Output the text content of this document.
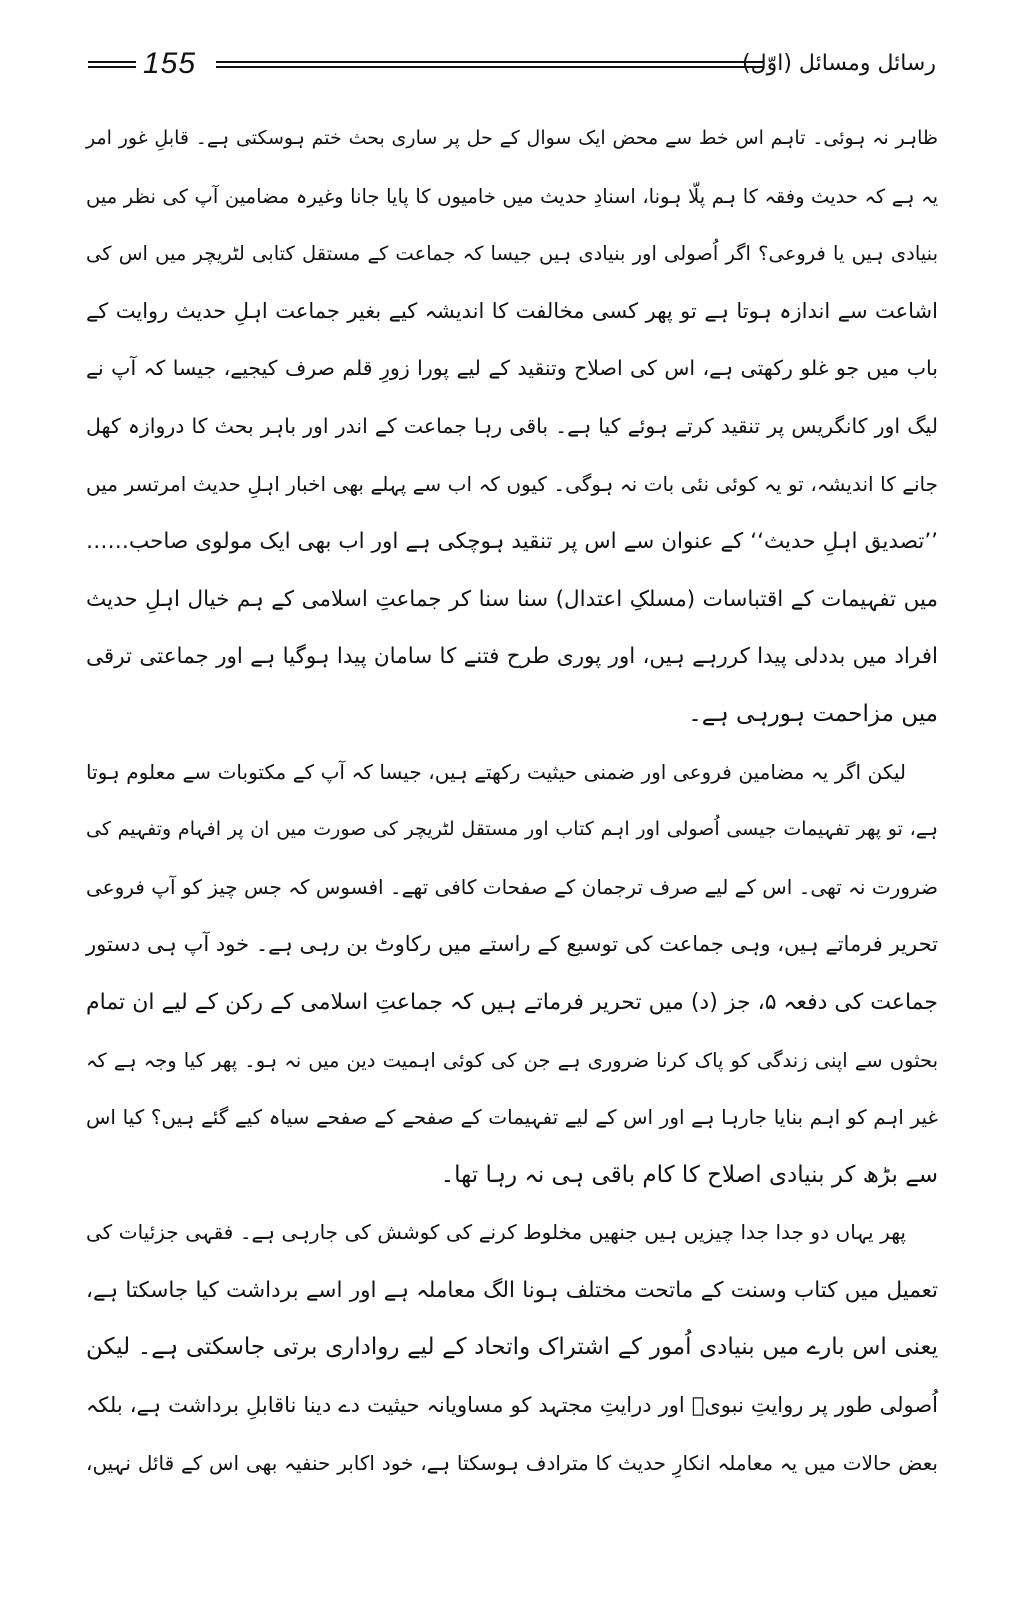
155	رسائل ومسائل (اوّل)
ظاہر نہ ہوئی۔ تاہم اس خط سے محض ایک سوال کے حل پر ساری بحث ختم ہوسکتی ہے۔ قابلِ غور امر
یہ ہے کہ حدیث وفقہ کا ہم پلّا ہونا، اسنادِ حدیث میں خامیوں کا پایا جانا وغیرہ مضامین آپ کی نظر میں
بنیادی ہیں یا فروعی؟ اگر اُصولی اور بنیادی ہیں جیسا کہ جماعت کے مستقل کتابی لٹریچر میں اس کی
اشاعت سے اندازہ ہوتا ہے تو پھر کسی مخالفت کا اندیشہ کیے بغیر جماعت اہلِ حدیث روایت کے
باب میں جو غلو رکھتی ہے، اس کی اصلاح وتنقید کے لیے پورا زورِ قلم صرف کیجیے، جیسا کہ آپ نے
لیگ اور کانگریس پر تنقید کرتے ہوئے کیا ہے۔ باقی رہا جماعت کے اندر اور باہر بحث کا دروازہ کھل
جانے کا اندیشہ، تو یہ کوئی نئی بات نہ ہوگی۔ کیوں کہ اب سے پہلے بھی اخبار اہلِ حدیث امرتسر میں
’’تصدیق اہلِ حدیث‘‘ کے عنوان سے اس پر تنقید ہوچکی ہے اور اب بھی ایک مولوی صاحب……
میں تفہیمات کے اقتباسات (مسلکِ اعتدال) سنا سنا کر جماعتِ اسلامی کے ہم خیال اہلِ حدیث
افراد میں بددلی پیدا کررہے ہیں، اور پوری طرح فتنے کا سامان پیدا ہوگیا ہے اور جماعتی ترقی
میں مزاحمت ہورہی ہے۔
لیکن اگر یہ مضامین فروعی اور ضمنی حیثیت رکھتے ہیں، جیسا کہ آپ کے مکتوبات سے معلوم ہوتا
ہے، تو پھر تفہیمات جیسی اُصولی اور اہم کتاب اور مستقل لٹریچر کی صورت میں ان پر افہام وتفہیم کی
ضرورت نہ تھی۔ اس کے لیے صرف ترجمان کے صفحات کافی تھے۔ افسوس کہ جس چیز کو آپ فروعی
تحریر فرماتے ہیں، وہی جماعت کی توسیع کے راستے میں رکاوٹ بن رہی ہے۔ خود آپ ہی دستور
جماعت کی دفعہ ۵، جز (د) میں تحریر فرماتے ہیں کہ جماعتِ اسلامی کے رکن کے لیے ان تمام
بحثوں سے اپنی زندگی کو پاک کرنا ضروری ہے جن کی کوئی اہمیت دین میں نہ ہو۔ پھر کیا وجہ ہے کہ
غیر اہم کو اہم بنایا جارہا ہے اور اس کے لیے تفہیمات کے صفحے کے صفحے سیاہ کیے گئے ہیں؟ کیا اس
سے بڑھ کر بنیادی اصلاح کا کام باقی ہی نہ رہا تھا۔
پھر یہاں دو جدا جدا چیزیں ہیں جنھیں مخلوط کرنے کی کوشش کی جارہی ہے۔ فقہی جزئیات کی
تعمیل میں کتاب وسنت کے ماتحت مختلف ہونا الگ معاملہ ہے اور اسے برداشت کیا جاسکتا ہے،
یعنی اس بارے میں بنیادی اُمور کے اشتراک واتحاد کے لیے رواداری برتی جاسکتی ہے۔ لیکن
اُصولی طور پر روایتِ نبویؐ اور درایتِ مجتہد کو مساویانہ حیثیت دے دینا ناقابلِ برداشت ہے، بلکہ
بعض حالات میں یہ معاملہ انکارِ حدیث کا مترادف ہوسکتا ہے، خود اکابر حنفیہ بھی اس کے قائل نہیں،
